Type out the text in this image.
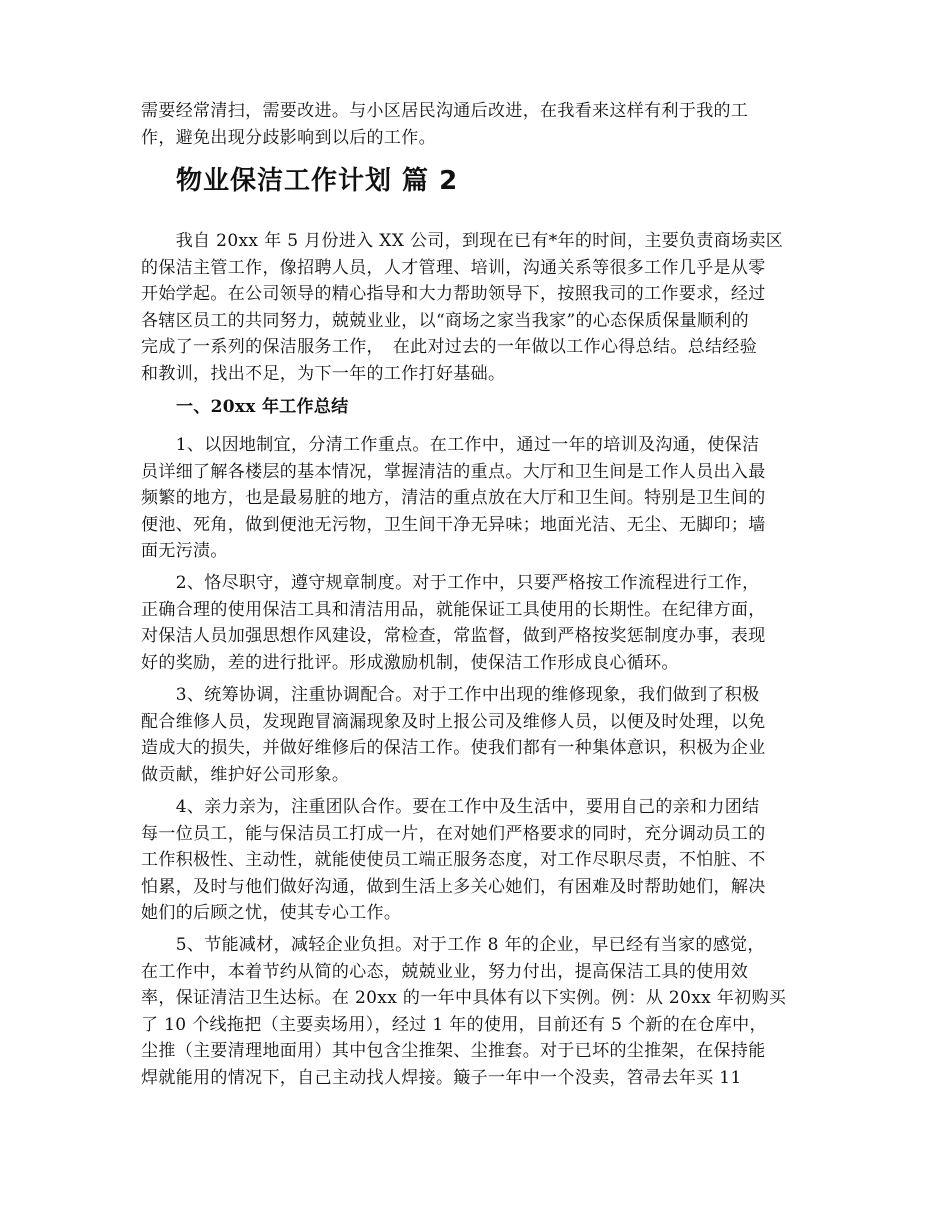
需要经常清扫，需要改进。与小区居民沟通后改进，在我看来这样有利于我的工
作，避免出现分歧影响到以后的工作。
物业保洁工作计划 篇 2
　　我自 20xx 年 5 月份进入 XX 公司，到现在已有*年的时间，主要负责商场卖区
的保洁主管工作，像招聘人员，人才管理、培训，沟通关系等很多工作几乎是从零
开始学起。在公司领导的精心指导和大力帮助领导下，按照我司的工作要求，经过
各辖区员工的共同努力，兢兢业业，以“商场之家当我家”的心态保质保量顺利的
完成了一系列的保洁服务工作，　在此对过去的一年做以工作心得总结。总结经验
和教训，找出不足，为下一年的工作打好基础。
一、20xx 年工作总结
　　1、以因地制宜，分清工作重点。在工作中，通过一年的培训及沟通，使保洁
员详细了解各楼层的基本情况，掌握清洁的重点。大厅和卫生间是工作人员出入最
频繁的地方，也是最易脏的地方，清洁的重点放在大厅和卫生间。特别是卫生间的
便池、死角，做到便池无污物，卫生间干净无异味；地面光洁、无尘、无脚印；墙
面无污渍。
　　2、恪尽职守，遵守规章制度。对于工作中，只要严格按工作流程进行工作，
正确合理的使用保洁工具和清洁用品，就能保证工具使用的长期性。在纪律方面，
对保洁人员加强思想作风建设，常检查，常监督，做到严格按奖惩制度办事，表现
好的奖励，差的进行批评。形成激励机制，使保洁工作形成良心循环。
　　3、统筹协调，注重协调配合。对于工作中出现的维修现象，我们做到了积极
配合维修人员，发现跑冒滴漏现象及时上报公司及维修人员，以便及时处理，以免
造成大的损失，并做好维修后的保洁工作。使我们都有一种集体意识，积极为企业
做贡献，维护好公司形象。
　　4、亲力亲为，注重团队合作。要在工作中及生活中，要用自己的亲和力团结
每一位员工，能与保洁员工打成一片，在对她们严格要求的同时，充分调动员工的
工作积极性、主动性，就能使使员工端正服务态度，对工作尽职尽责，不怕脏、不
怕累，及时与他们做好沟通，做到生活上多关心她们，有困难及时帮助她们，解决
她们的后顾之忧，使其专心工作。
　　5、节能减材，减轻企业负担。对于工作 8 年的企业，早已经有当家的感觉，
在工作中，本着节约从简的心态，兢兢业业，努力付出，提高保洁工具的使用效
率，保证清洁卫生达标。在 20xx 的一年中具体有以下实例。例：从 20xx 年初购买
了 10 个线拖把（主要卖场用），经过 1 年的使用，目前还有 5 个新的在仓库中，
尘推（主要清理地面用）其中包含尘推架、尘推套。对于已坏的尘推架，在保持能
焊就能用的情况下，自己主动找人焊接。簸子一年中一个没卖，笤帚去年买 11
